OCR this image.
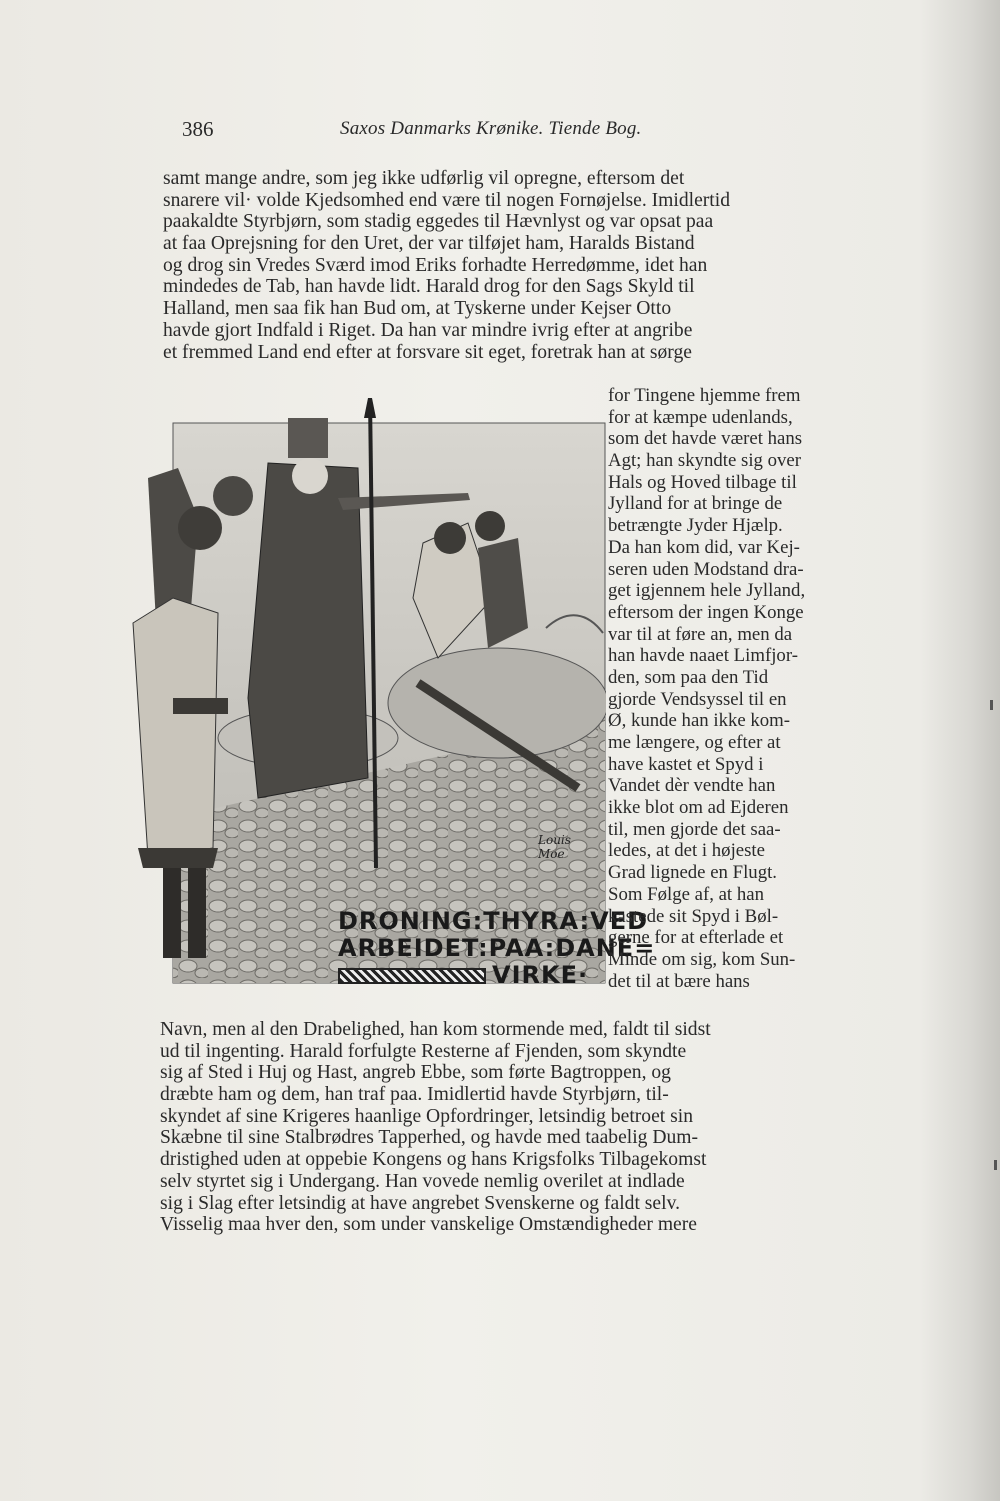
386	Saxos Danmarks Krønike. Tiende Bog.
samt mange andre, som jeg ikke udførlig vil opregne, eftersom det
snarere vil· volde Kjedsomhed end være til nogen Fornøjelse. Imidlertid
paakaldte Styrbjørn, som stadig eggedes til Hævnlyst og var opsat paa
at faa Oprejsning for den Uret, der var tilføjet ham, Haralds Bistand
og drog sin Vredes Sværd imod Eriks forhadte Herredømme, idet han
mindedes de Tab, han havde lidt. Harald drog for den Sags Skyld til
Halland, men saa fik han Bud om, at Tyskerne under Kejser Otto
havde gjort Indfald i Riget. Da han var mindre ivrig efter at angribe
et fremmed Land end efter at forsvare sit eget, foretrak han at sørge
Louis
Moe
DRONING:THYRA:VED
ARBEIDET:PAA:DANE=
VIRKE·
for Tingene hjemme frem
for at kæmpe udenlands,
som det havde været hans
Agt; han skyndte sig over
Hals og Hoved tilbage til
Jylland for at bringe de
betrængte Jyder Hjælp.
Da han kom did, var Kej-
seren uden Modstand dra-
get igjennem hele Jylland,
eftersom der ingen Konge
var til at føre an, men da
han havde naaet Limfjor-
den, som paa den Tid
gjorde Vendsyssel til en
Ø, kunde han ikke kom-
me længere, og efter at
have kastet et Spyd i
Vandet dèr vendte han
ikke blot om ad Ejderen
til, men gjorde det saa-
ledes, at det i højeste
Grad lignede en Flugt.
Som Følge af, at han
kastede sit Spyd i Bøl-
gerne for at efterlade et
Minde om sig, kom Sun-
det til at bære hans
Navn, men al den Drabelighed, han kom stormende med, faldt til sidst
ud til ingenting. Harald forfulgte Resterne af Fjenden, som skyndte
sig af Sted i Huj og Hast, angreb Ebbe, som førte Bagtroppen, og
dræbte ham og dem, han traf paa. Imidlertid havde Styrbjørn, til-
skyndet af sine Krigeres haanlige Opfordringer, letsindig betroet sin
Skæbne til sine Stalbrødres Tapperhed, og havde med taabelig Dum-
dristighed uden at oppebie Kongens og hans Krigsfolks Tilbagekomst
selv styrtet sig i Undergang. Han vovede nemlig overilet at indlade
sig i Slag efter letsindig at have angrebet Svenskerne og faldt selv.
Visselig maa hver den, som under vanskelige Omstændigheder mere
